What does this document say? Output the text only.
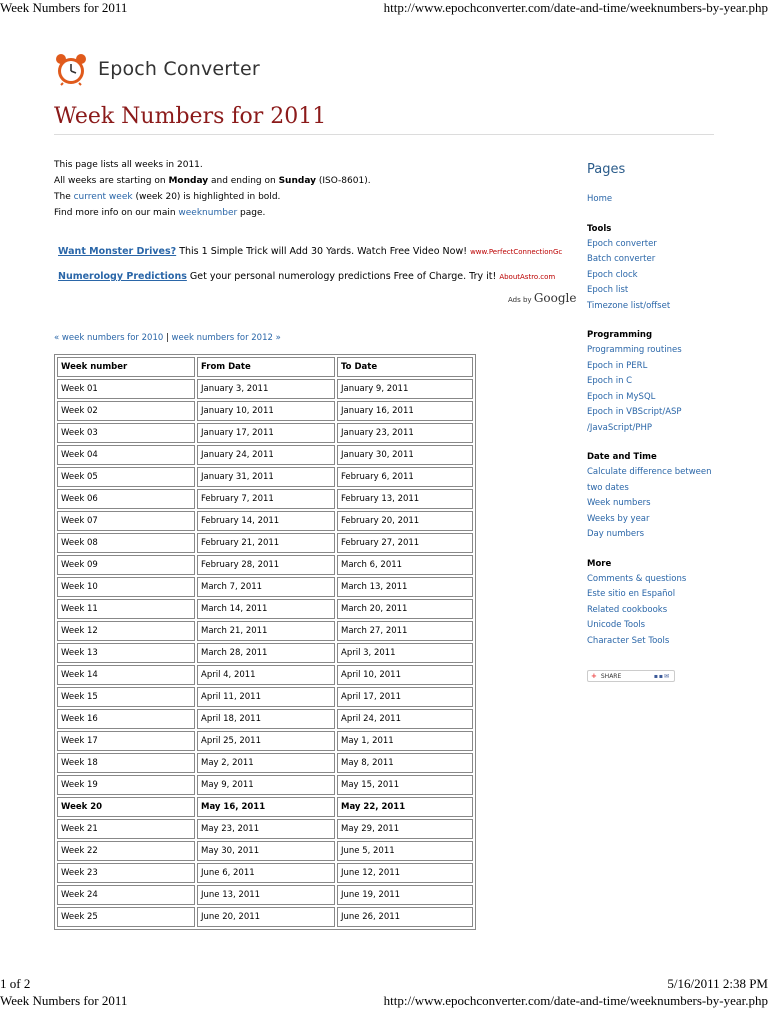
Week Numbers for 2011	http://www.epochconverter.com/date-and-time/weeknumbers-by-year.php
1 of 2	5/16/2011 2:38 PM
Week Numbers for 2011	http://www.epochconverter.com/date-and-time/weeknumbers-by-year.php
Epoch Converter
Week Numbers for 2011
This page lists all weeks in 2011.
All weeks are starting on Monday and ending on Sunday (ISO-8601).
The current week (week 20) is highlighted in bold.
Find more info on our main weeknumber page.
Want Monster Drives? This 1 Simple Trick will Add 30 Yards. Watch Free Video Now! www.PerfectConnectionGc
Numerology Predictions Get your personal numerology predictions Free of Charge. Try it! AboutAstro.com
Ads by Google
« week numbers for 2010 | week numbers for 2012 »
Week number	From Date	To Date
Week 01	January 3, 2011	January 9, 2011
Week 02	January 10, 2011	January 16, 2011
Week 03	January 17, 2011	January 23, 2011
Week 04	January 24, 2011	January 30, 2011
Week 05	January 31, 2011	February 6, 2011
Week 06	February 7, 2011	February 13, 2011
Week 07	February 14, 2011	February 20, 2011
Week 08	February 21, 2011	February 27, 2011
Week 09	February 28, 2011	March 6, 2011
Week 10	March 7, 2011	March 13, 2011
Week 11	March 14, 2011	March 20, 2011
Week 12	March 21, 2011	March 27, 2011
Week 13	March 28, 2011	April 3, 2011
Week 14	April 4, 2011	April 10, 2011
Week 15	April 11, 2011	April 17, 2011
Week 16	April 18, 2011	April 24, 2011
Week 17	April 25, 2011	May 1, 2011
Week 18	May 2, 2011	May 8, 2011
Week 19	May 9, 2011	May 15, 2011
Week 20	May 16, 2011	May 22, 2011
Week 21	May 23, 2011	May 29, 2011
Week 22	May 30, 2011	June 5, 2011
Week 23	June 6, 2011	June 12, 2011
Week 24	June 13, 2011	June 19, 2011
Week 25	June 20, 2011	June 26, 2011
Pages
Home
Tools
Epoch converter
Batch converter
Epoch clock
Epoch list
Timezone list/offset
Programming
Programming routines
Epoch in PERL
Epoch in C
Epoch in MySQL
Epoch in VBScript/ASP
/JavaScript/PHP
Date and Time
Calculate difference between
two dates
Week numbers
Weeks by year
Day numbers
More
Comments & questions
Este sitio en Español
Related cookbooks
Unicode Tools
Character Set Tools
+ SHARE	▪▪✉
